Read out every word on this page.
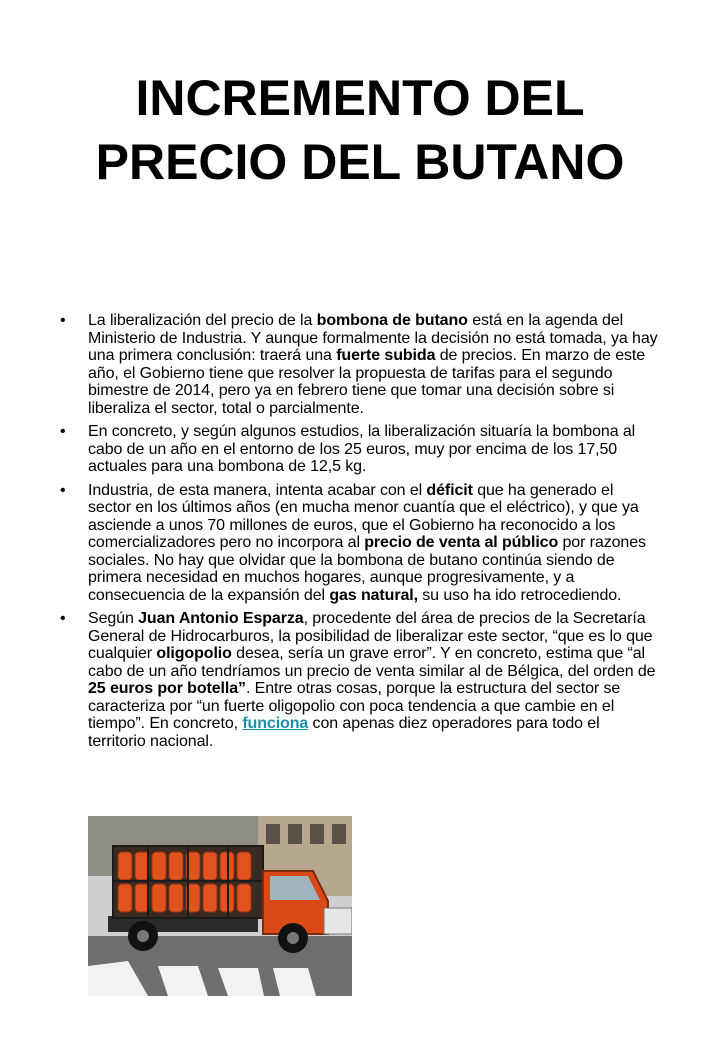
INCREMENTO DEL
PRECIO DEL BUTANO
• La liberalización del precio de la bombona de butano está en la agenda del Ministerio de Industria. Y aunque formalmente la decisión no está tomada, ya hay una primera conclusión: traerá una fuerte subida de precios. En marzo de este año, el Gobierno tiene que resolver la propuesta de tarifas para el segundo bimestre de 2014, pero ya en febrero tiene que tomar una decisión sobre si liberaliza el sector, total o parcialmente.
• En concreto, y según algunos estudios, la liberalización situaría la bombona al cabo de un año en el entorno de los 25 euros, muy por encima de los 17,50 actuales para una bombona de 12,5 kg.
• Industria, de esta manera, intenta acabar con el déficit que ha generado el sector en los últimos años (en mucha menor cuantía que el eléctrico), y que ya asciende a unos 70 millones de euros, que el Gobierno ha reconocido a los comercializadores pero no incorpora al precio de venta al público por razones sociales. No hay que olvidar que la bombona de butano continúa siendo de primera necesidad en muchos hogares, aunque progresivamente, y a consecuencia de la expansión del gas natural, su uso ha ido retrocediendo.
• Según Juan Antonio Esparza, procedente del área de precios de la Secretaría General de Hidrocarburos, la posibilidad de liberalizar este sector, “que es lo que cualquier oligopolio desea, sería un grave error”. Y en concreto, estima que “al cabo de un año tendríamos un precio de venta similar al de Bélgica, del orden de 25 euros por botella”. Entre otras cosas, porque la estructura del sector se caracteriza por “un fuerte oligopolio con poca tendencia a que cambie en el tiempo”. En concreto, funciona con apenas diez operadores para todo el territorio nacional.
